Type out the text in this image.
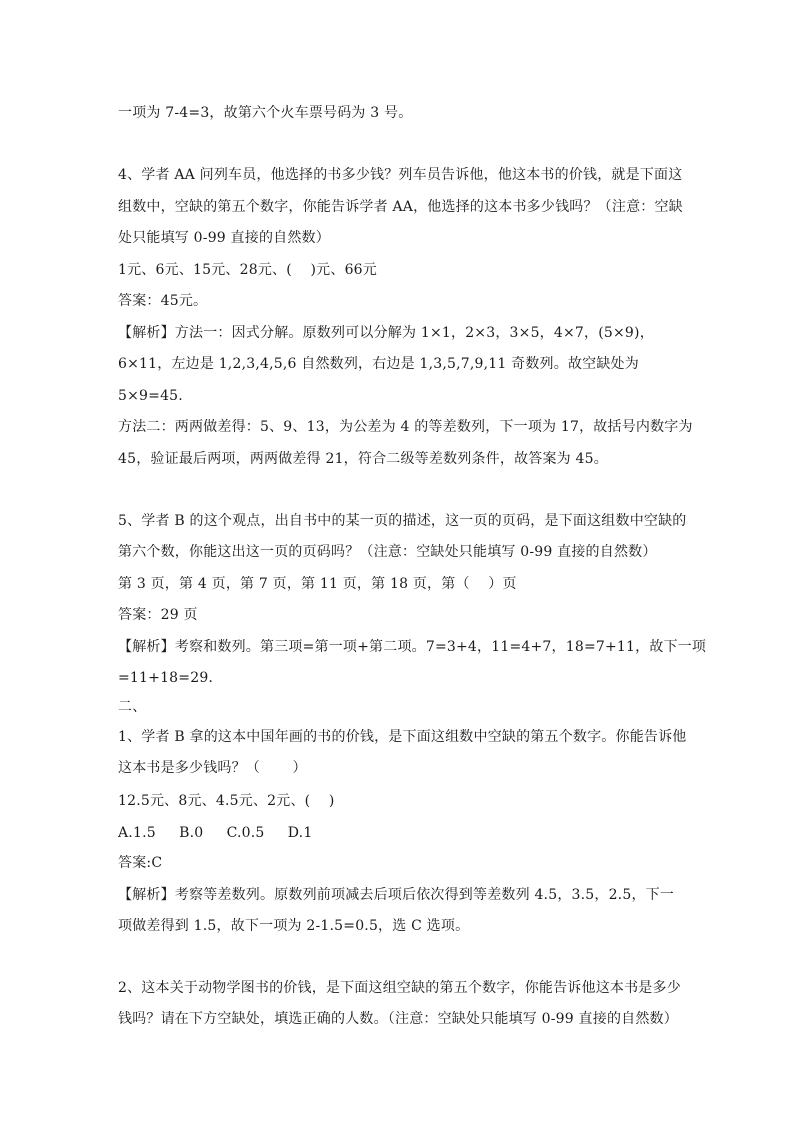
一项为 7-4=3，故第六个火车票号码为 3 号。
4、学者 AA 问列车员，他选择的书多少钱？列车员告诉他，他这本书的价钱，就是下面这
组数中，空缺的第五个数字，你能告诉学者 AA，他选择的这本书多少钱吗？（注意：空缺
处只能填写 0-99 直接的自然数）
1元、6元、15元、28元、(    )元、66元
答案：45元。
【解析】方法一：因式分解。原数列可以分解为 1×1，2×3，3×5，4×7，(5×9)，
6×11，左边是 1,2,3,4,5,6 自然数列，右边是 1,3,5,7,9,11 奇数列。故空缺处为
5×9=45.
方法二：两两做差得：5、9、13，为公差为 4 的等差数列，下一项为 17，故括号内数字为
45，验证最后两项，两两做差得 21，符合二级等差数列条件，故答案为 45。
5、学者 B 的这个观点，出自书中的某一页的描述，这一页的页码，是下面这组数中空缺的
第六个数，你能这出这一页的页码吗？（注意：空缺处只能填写 0-99 直接的自然数）
第 3 页，第 4 页，第 7 页，第 11 页，第 18 页，第（    ）页
答案：29 页
【解析】考察和数列。第三项=第一项+第二项。7=3+4，11=4+7，18=7+11，故下一项
=11+18=29.
二、
1、学者 B 拿的这本中国年画的书的价钱，是下面这组数中空缺的第五个数字。你能告诉他
这本书是多少钱吗？（       ）
12.5元、8元、4.5元、2元、(    )
A.1.5     B.0     C.0.5     D.1
答案:C
【解析】考察等差数列。原数列前项减去后项后依次得到等差数列 4.5，3.5，2.5，下一
项做差得到 1.5，故下一项为 2-1.5=0.5，选 C 选项。
2、这本关于动物学图书的价钱，是下面这组空缺的第五个数字，你能告诉他这本书是多少
钱吗？请在下方空缺处，填选正确的人数。（注意：空缺处只能填写 0-99 直接的自然数）
